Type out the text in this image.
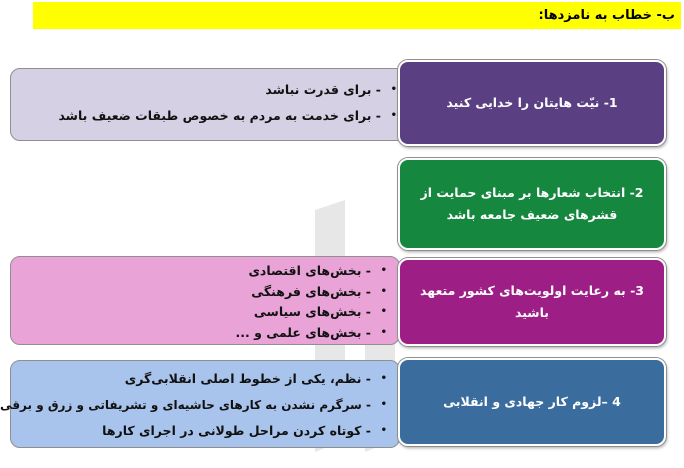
ب- خطاب به نامزدها:
•
- برای قدرت نباشد
•
- برای خدمت به مردم به خصوص طبقات ضعیف باشد
1- نیّت هایتان را خدایی کنید
2- انتخاب شعارها بر مبنای حمایت از قشرهای ضعیف جامعه باشد
•
- بخش‌های اقتصادی
•
- بخش‌های فرهنگی
•
- بخش‌های سیاسی
•
- بخش‌های علمی و ...
3- به رعایت اولویت‌های کشور متعهد باشید
•
- نظم، یکی از خطوط اصلی انقلابی‌گری
•
- سرگرم نشدن به کارهای حاشیه‌ای و تشریفاتی و زرق و برقی
•
- کوتاه کردن مراحل طولانی در اجرای کارها
4 –لزوم کار جهادی و انقلابی
